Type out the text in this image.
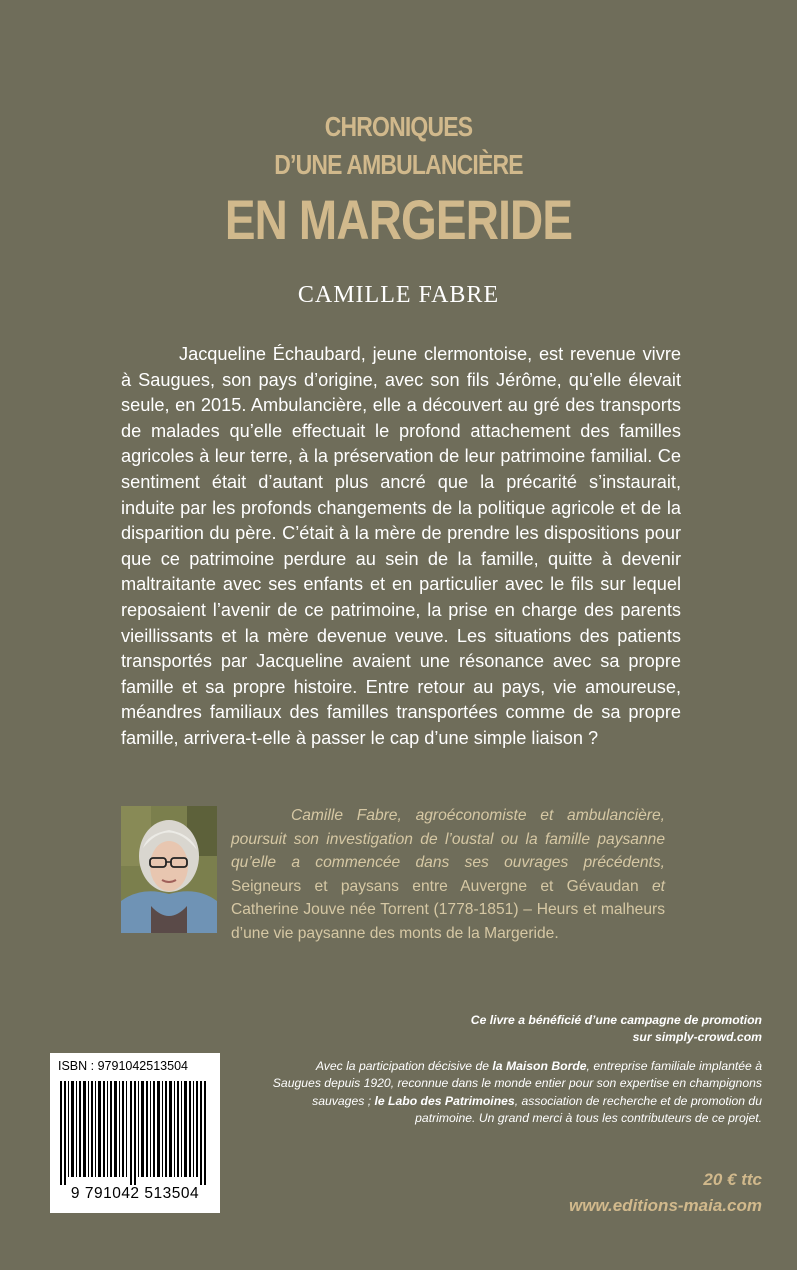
CHRONIQUES
D’UNE AMBULANCIÈRE
EN MARGERIDE
CAMILLE FABRE

Jacqueline Échaubard, jeune clermontoise, est revenue vivre à Saugues, son pays d’origine, avec son fils Jérôme, qu’elle élevait seule, en 2015. Ambulancière, elle a découvert au gré des transports de malades qu’elle effectuait le profond attachement des familles agricoles à leur terre, à la préservation de leur patrimoine familial. Ce sentiment était d’autant plus ancré que la précarité s’instaurait, induite par les profonds changements de la politique agricole et de la disparition du père. C’était à la mère de prendre les dispositions pour que ce patrimoine perdure au sein de la famille, quitte à devenir maltraitante avec ses enfants et en particulier avec le fils sur lequel reposaient l’avenir de ce patrimoine, la prise en charge des parents vieillissants et la mère devenue veuve. Les situations des patients transportés par Jacqueline avaient une résonance avec sa propre famille et sa propre histoire. Entre retour au pays, vie amoureuse, méandres familiaux des familles transportées comme de sa propre famille, arrivera-t-elle à passer le cap d’une simple liaison ?

Camille Fabre, agroéconomiste et ambulancière, poursuit son investigation de l’oustal ou la famille paysanne qu’elle a commencée dans ses ouvrages précédents, Seigneurs et paysans entre Auvergne et Gévaudan et Catherine Jouve née Torrent (1778-1851) – Heurs et malheurs d’une vie paysanne des monts de la Margeride.

Ce livre a bénéficié d’une campagne de promotion
sur simply-crowd.com
Avec la participation décisive de la Maison Borde, entreprise familiale implantée à Saugues depuis 1920, reconnue dans le monde entier pour son expertise en champignons sauvages ; le Labo des Patrimoines, association de recherche et de promotion du patrimoine. Un grand merci à tous les contributeurs de ce projet.
ISBN : 9791042513504
9 791042 513504
20 € ttc
www.editions-maia.com
